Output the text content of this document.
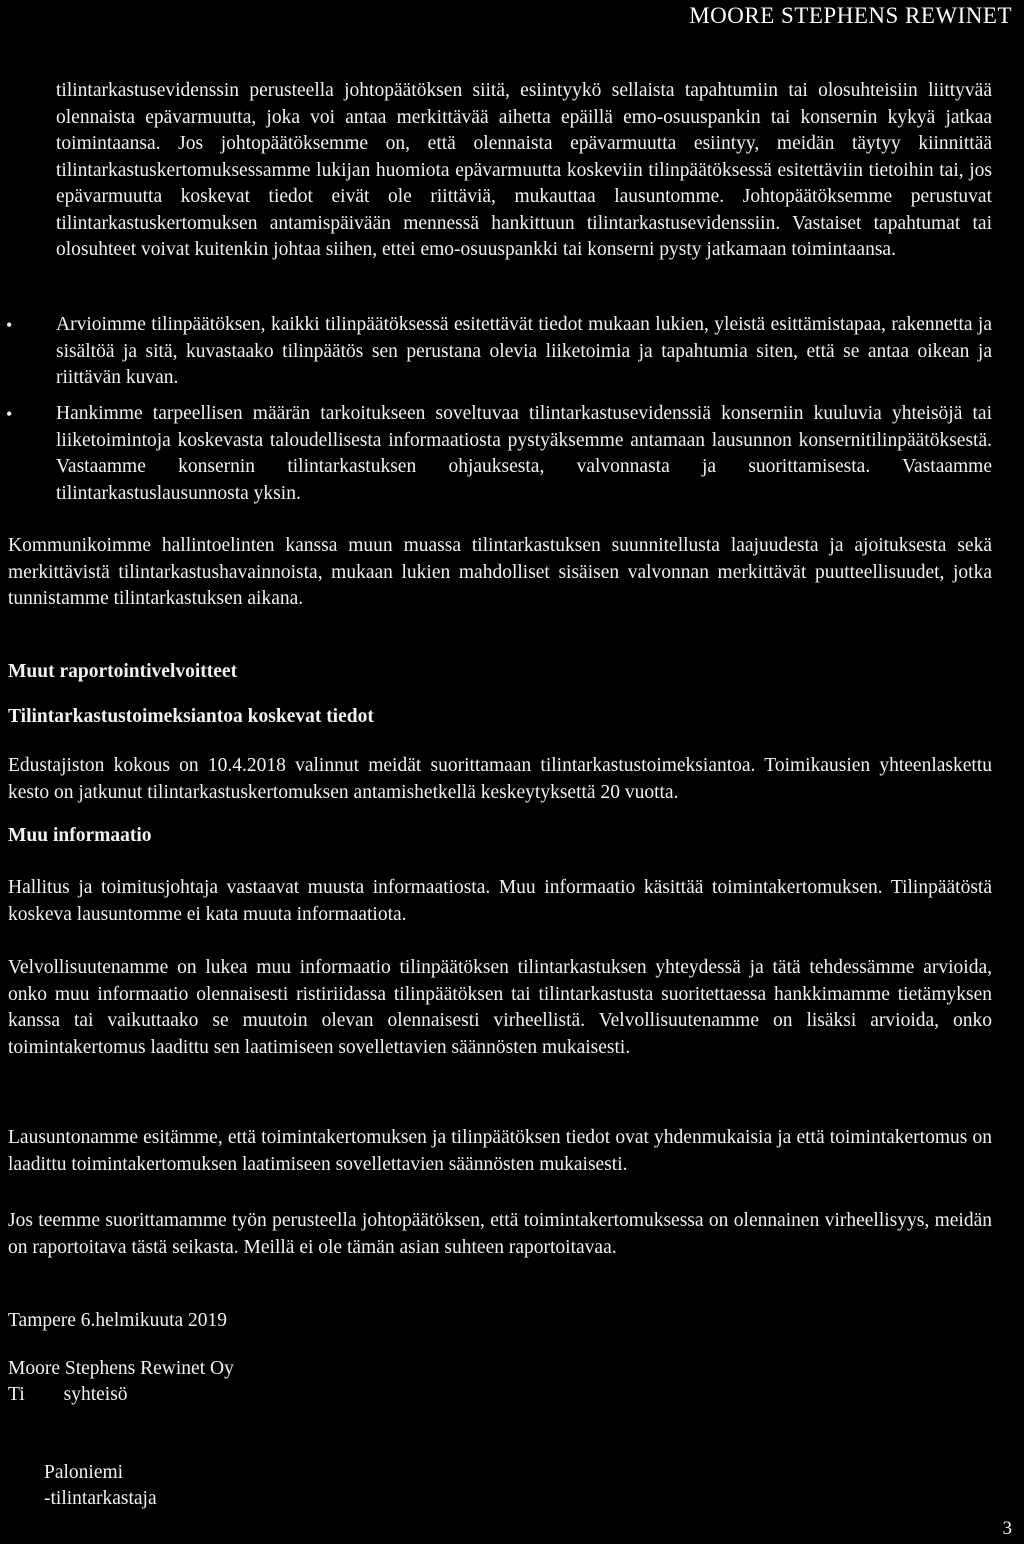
MOORE STEPHENS REWINET

tilintarkastusevidenssin perusteella johtopäätöksen siitä, esiintyykö sellaista tapahtumiin tai olosuhteisiin liittyvää olennaista epävarmuutta, joka voi antaa merkittävää aihetta epäillä emo-osuuspankin tai konsernin kykyä jatkaa toimintaansa. Jos johtopäätöksemme on, että olennaista epävarmuutta esiintyy, meidän täytyy kiinnittää tilintarkastuskertomuksessamme lukijan huomiota epävarmuutta koskeviin tilinpäätöksessä esitettäviin tietoihin tai, jos epävarmuutta koskevat tiedot eivät ole riittäviä, mukauttaa lausuntomme. Johtopäätöksemme perustuvat tilintarkastuskertomuksen antamispäivään mennessä hankittuun tilintarkastusevidenssiin. Vastaiset tapahtumat tai olosuhteet voivat kuitenkin johtaa siihen, ettei emo-osuuspankki tai konserni pysty jatkamaan toimintaansa.

• Arvioimme tilinpäätöksen, kaikki tilinpäätöksessä esitettävät tiedot mukaan lukien, yleistä esittämistapaa, rakennetta ja sisältöä ja sitä, kuvastaako tilinpäätös sen perustana olevia liiketoimia ja tapahtumia siten, että se antaa oikean ja riittävän kuvan.

• Hankimme tarpeellisen määrän tarkoitukseen soveltuvaa tilintarkastusevidenssiä konserniin kuuluvia yhteisöjä tai liiketoimintoja koskevasta taloudellisesta informaatiosta pystyäksemme antamaan lausunnon konsernitilinpäätöksestä. Vastaamme konsernin tilintarkastuksen ohjauksesta, valvonnasta ja suorittamisesta. Vastaamme tilintarkastuslausunnosta yksin.

Kommunikoimme hallintoelinten kanssa muun muassa tilintarkastuksen suunnitellusta laajuudesta ja ajoituksesta sekä merkittävistä tilintarkastushavainnoista, mukaan lukien mahdolliset sisäisen valvonnan merkittävät puutteellisuudet, jotka tunnistamme tilintarkastuksen aikana.

Muut raportointivelvoitteet
Tilintarkastustoimeksiantoa koskevat tiedot

Edustajiston kokous on 10.4.2018 valinnut meidät suorittamaan tilintarkastustoimeksiantoa. Toimikausien yhteenlaskettu kesto on jatkunut tilintarkastuskertomuksen antamishetkellä keskeytyksettä 20 vuotta.

Muu informaatio

Hallitus ja toimitusjohtaja vastaavat muusta informaatiosta. Muu informaatio käsittää toimintakertomuksen. Tilinpäätöstä koskeva lausuntomme ei kata muuta informaatiota.

Velvollisuutenamme on lukea muu informaatio tilinpäätöksen tilintarkastuksen yhteydessä ja tätä tehdessämme arvioida, onko muu informaatio olennaisesti ristiriidassa tilinpäätöksen tai tilintarkastusta suoritettaessa hankkimamme tietämyksen kanssa tai vaikuttaako se muutoin olevan olennaisesti virheellistä. Velvollisuutenamme on lisäksi arvioida, onko toimintakertomus laadittu sen laatimiseen sovellettavien säännösten mukaisesti.

Lausuntonamme esitämme, että toimintakertomuksen ja tilinpäätöksen tiedot ovat yhdenmukaisia ja että toimintakertomus on laadittu toimintakertomuksen laatimiseen sovellettavien säännösten mukaisesti.

Jos teemme suorittamamme työn perusteella johtopäätöksen, että toimintakertomuksessa on olennainen virheellisyys, meidän on raportoitava tästä seikasta. Meillä ei ole tämän asian suhteen raportoitavaa.

Tampere 6.helmikuuta 2019

Moore Stephens Rewinet Oy

Ti        syhteisö

Paloniemi

-tilintarkastaja

3
